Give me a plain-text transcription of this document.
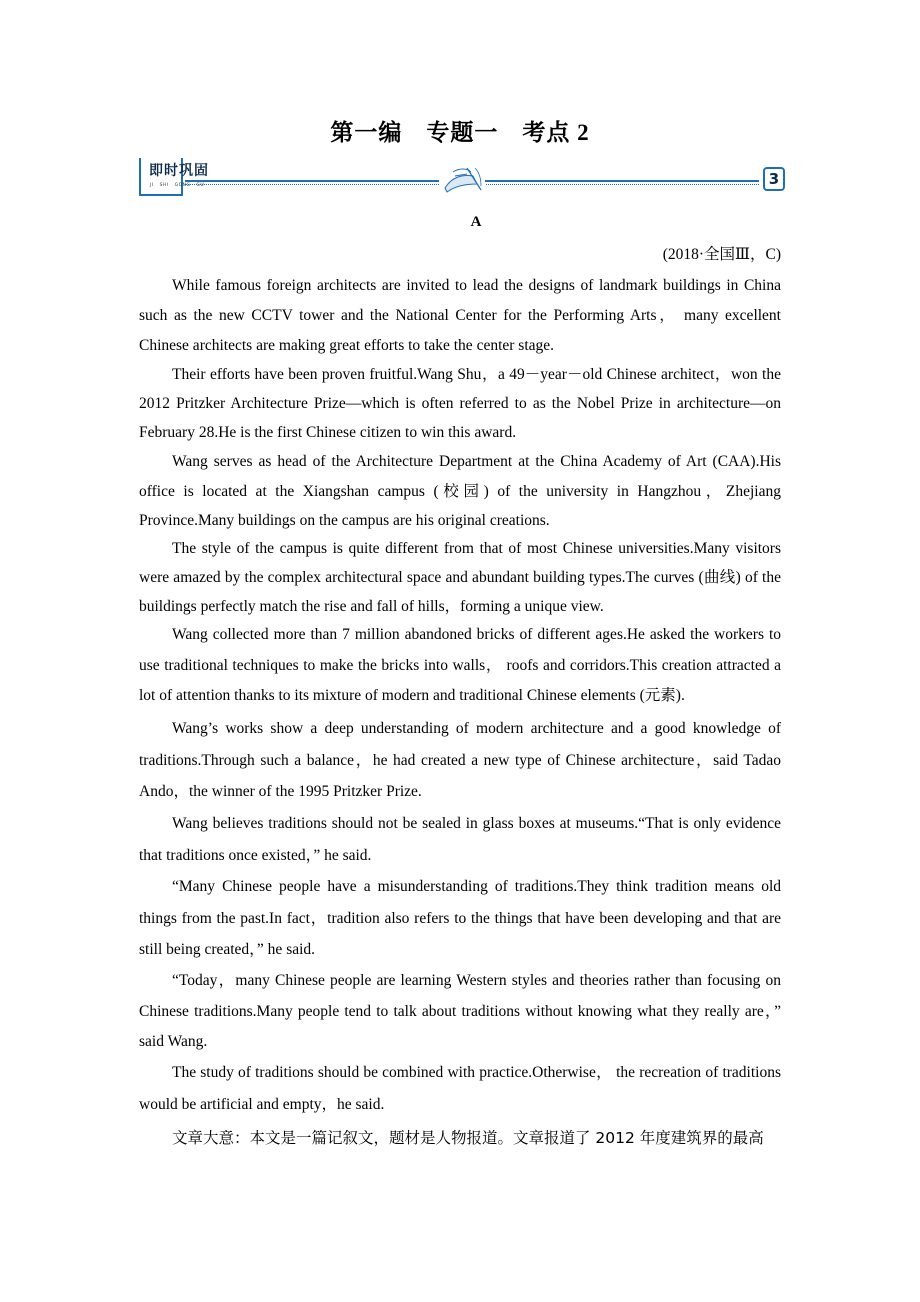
第一编　专题一　考点 2
即时巩固
JI SHI GONG GU	3
A
(2018·全国Ⅲ，C)

While famous foreign architects are invited to lead the designs of landmark buildings in China such as the new CCTV tower and the National Center for the Performing Arts， many excellent Chinese architects are making great efforts to take the center stage.

Their efforts have been proven fruitful.Wang Shu，a 49－year－old Chinese architect，won the 2012 Pritzker Architecture Prize—which is often referred to as the Nobel Prize in architecture—on February 28.He is the first Chinese citizen to win this award.

Wang serves as head of the Architecture Department at the China Academy of Art (CAA).His office is located at the Xiangshan campus (校园) of the university in Hangzhou，Zhejiang Province.Many buildings on the campus are his original creations.

The style of the campus is quite different from that of most Chinese universities.Many visitors were amazed by the complex architectural space and abundant building types.The curves (曲线) of the buildings perfectly match the rise and fall of hills，forming a unique view.

Wang collected more than 7 million abandoned bricks of different ages.He asked the workers to use traditional techniques to make the bricks into walls， roofs and corridors.This creation attracted a lot of attention thanks to its mixture of modern and traditional Chinese elements (元素).

Wang’s works show a deep understanding of modern architecture and a good knowledge of traditions.Through such a balance，he had created a new type of Chinese architecture，said Tadao Ando，the winner of the 1995 Pritzker Prize.

Wang believes traditions should not be sealed in glass boxes at museums.“That is only evidence that traditions once existed，” he said.

“Many Chinese people have a misunderstanding of traditions.They think tradition means old things from the past.In fact，tradition also refers to the things that have been developing and that are still being created，” he said.

“Today，many Chinese people are learning Western styles and theories rather than focusing on Chinese traditions.Many people tend to talk about traditions without knowing what they really are，” said Wang.

The study of traditions should be combined with practice.Otherwise， the recreation of traditions would be artificial and empty，he said.

文章大意：本文是一篇记叙文，题材是人物报道。文章报道了 2012 年度建筑界的最高
